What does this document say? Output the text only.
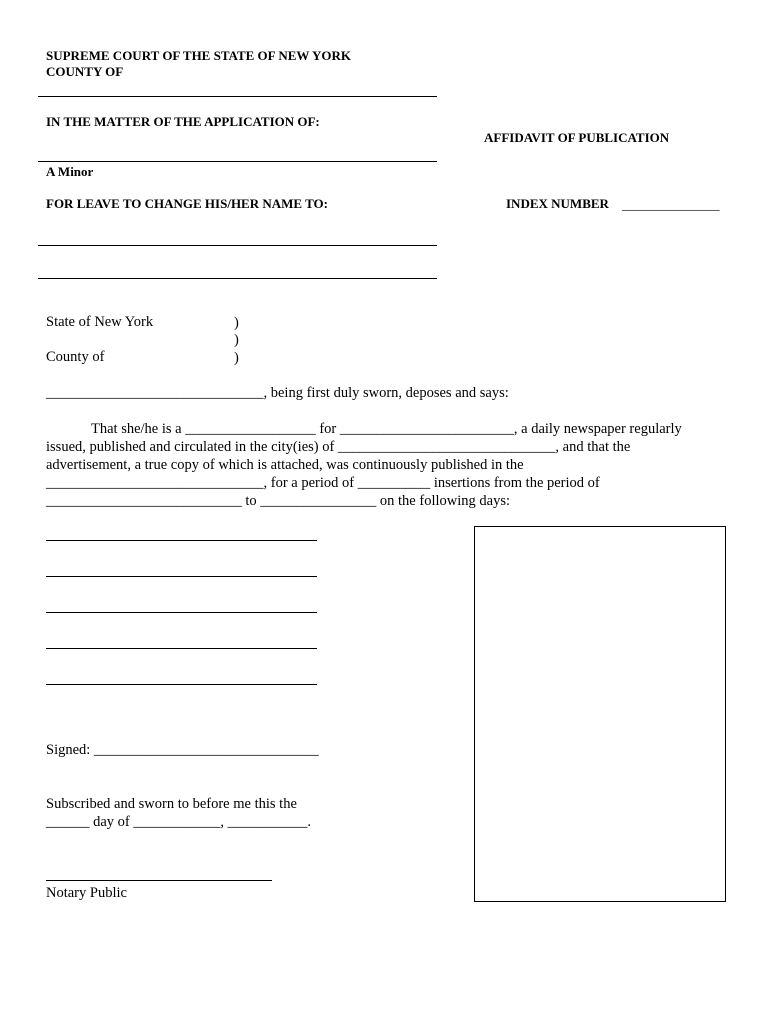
SUPREME COURT OF THE STATE OF NEW YORK
COUNTY OF
IN THE MATTER OF THE APPLICATION OF:
AFFIDAVIT OF PUBLICATION
A Minor
FOR LEAVE TO CHANGE HIS/HER NAME TO:	INDEX NUMBER _______________
State of New York	)
)
County of	)
______________________________, being first duly sworn, deposes and says:
That she/he is a __________________ for ________________________, a daily newspaper regularly
issued, published and circulated in the city(ies) of ______________________________, and that the
advertisement, a true copy of which is attached, was continuously published in the
______________________________, for a period of __________ insertions from the period of
___________________________ to ________________ on the following days:
Signed: _______________________________
Subscribed and sworn to before me this the
______ day of ____________, ___________.
Notary Public
